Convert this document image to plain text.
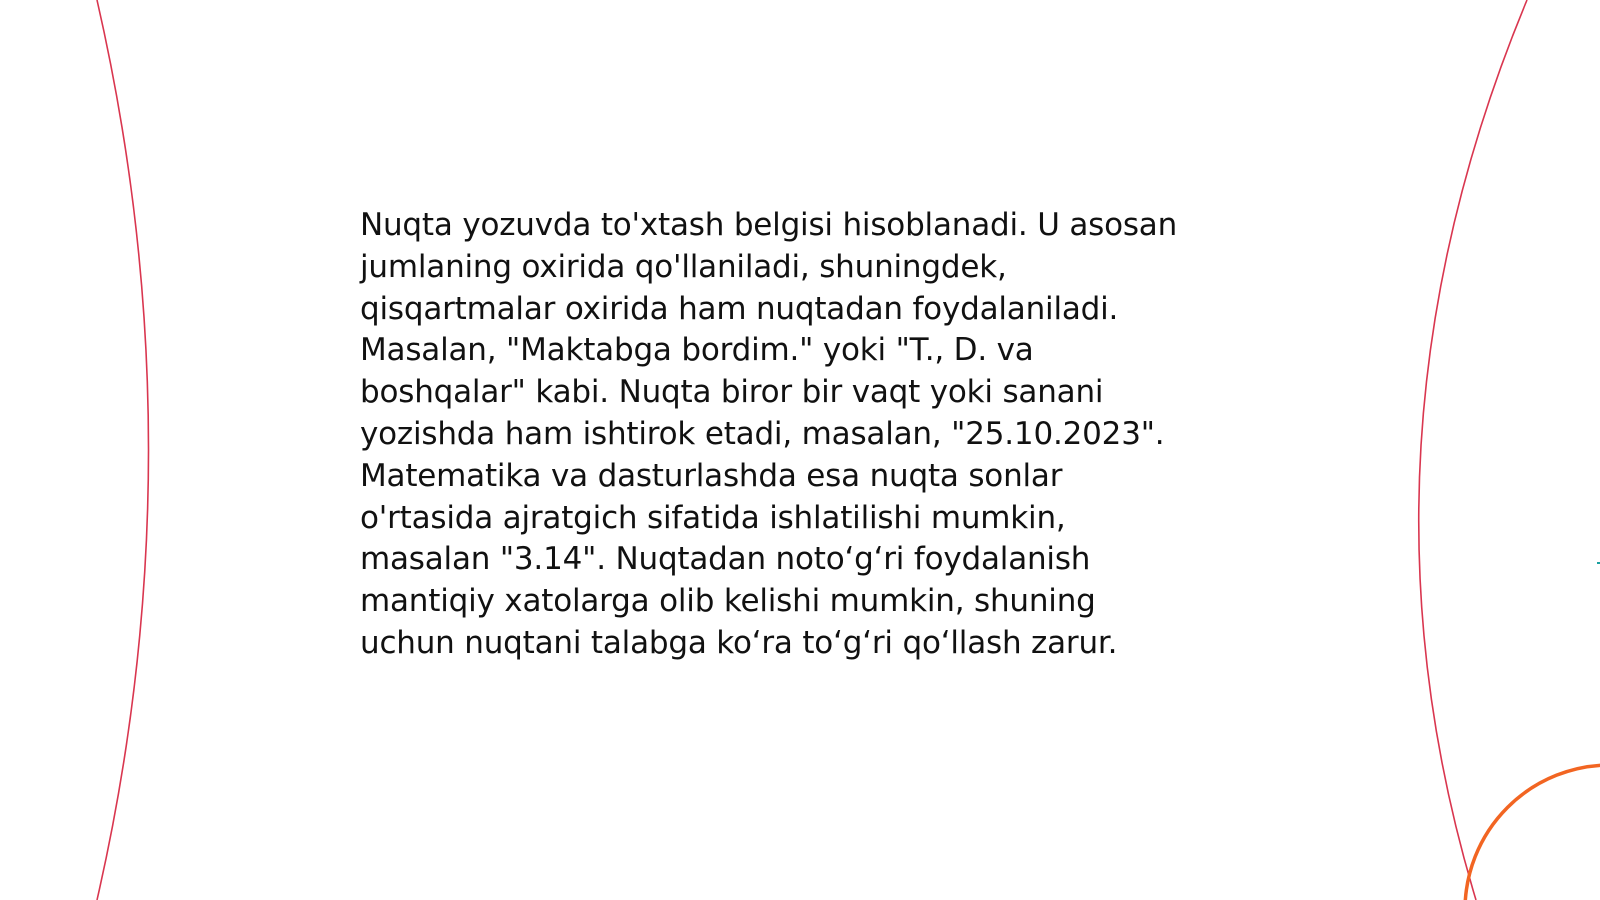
Nuqta yozuvda to'xtash belgisi hisoblanadi. U asosan
jumlaning oxirida qo'llaniladi, shuningdek,
qisqartmalar oxirida ham nuqtadan foydalaniladi.
Masalan, "Maktabga bordim." yoki "T., D. va
boshqalar" kabi. Nuqta biror bir vaqt yoki sanani
yozishda ham ishtirok etadi, masalan, "25.10.2023".
Matematika va dasturlashda esa nuqta sonlar
o'rtasida ajratgich sifatida ishlatilishi mumkin,
masalan "3.14". Nuqtadan noto‘g‘ri foydalanish
mantiqiy xatolarga olib kelishi mumkin, shuning
uchun nuqtani talabga ko‘ra to‘g‘ri qo‘llash zarur.
